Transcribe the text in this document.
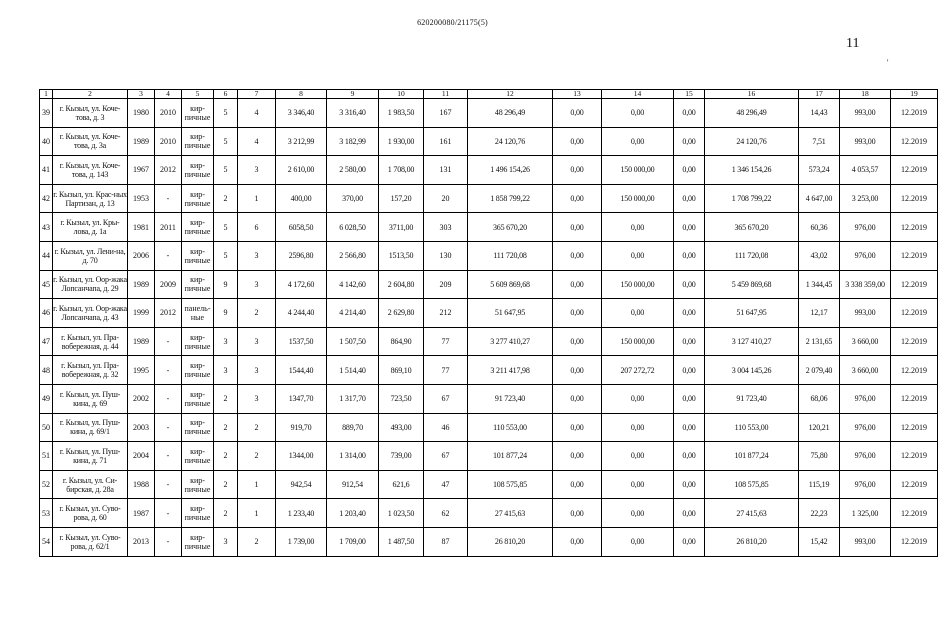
620200080/21175(5)
11
'
1	2	3	4	5	6	7	8	9	10	11	12	13	14	15	16	17	18	19
39	г. Кызыл, ул. Коче-това, д. 3	1980	2010	кир-пичные	5	4	3 346,40	3 316,40	1 983,50	167	48 296,49	0,00	0,00	0,00	48 296,49	14,43	993,00	12.2019
40	г. Кызыл, ул. Коче-това, д. 3а	1989	2010	кир-пичные	5	4	3 212,99	3 182,99	1 930,00	161	24 120,76	0,00	0,00	0,00	24 120,76	7,51	993,00	12.2019
41	г. Кызыл, ул. Коче-това, д. 143	1967	2012	кир-пичные	5	3	2 610,00	2 580,00	1 708,00	131	1 496 154,26	0,00	150 000,00	0,00	1 346 154,26	573,24	4 053,57	12.2019
42	г. Кызыл, ул. Крас-ных Партизан, д. 13	1953	-	кир-пичные	2	1	400,00	370,00	157,20	20	1 858 799,22	0,00	150 000,00	0,00	1 708 799,22	4 647,00	3 253,00	12.2019
43	г. Кызыл, ул. Кры-лова, д. 1а	1981	2011	кир-пичные	5	6	6058,50	6 028,50	3711,00	303	365 670,20	0,00	0,00	0,00	365 670,20	60,36	976,00	12.2019
44	г. Кызыл, ул. Лени-на, д. 70	2006	-	кир-пичные	5	3	2596,80	2 566,80	1513,50	130	111 720,08	0,00	0,00	0,00	111 720,08	43,02	976,00	12.2019
45	г. Кызыл, ул. Оор-жака Лопсанчапа, д. 29	1989	2009	кир-пичные	9	3	4 172,60	4 142,60	2 604,80	209	5 609 869,68	0,00	150 000,00	0,00	5 459 869,68	1 344,45	3 338 359,00	12.2019
46	г. Кызыл, ул. Оор-жака Лопсанчапа, д. 43	1999	2012	панель-ные	9	2	4 244,40	4 214,40	2 629,80	212	51 647,95	0,00	0,00	0,00	51 647,95	12,17	993,00	12.2019
47	г. Кызыл, ул. Пра-вобережная, д. 44	1989	-	кир-пичные	3	3	1537,50	1 507,50	864,90	77	3 277 410,27	0,00	150 000,00	0,00	3 127 410,27	2 131,65	3 660,00	12.2019
48	г. Кызыл, ул. Пра-вобережная, д. 32	1995	-	кир-пичные	3	3	1544,40	1 514,40	869,10	77	3 211 417,98	0,00	207 272,72	0,00	3 004 145,26	2 079,40	3 660,00	12.2019
49	г. Кызыл, ул. Пуш-кина, д. 69	2002	-	кир-пичные	2	3	1347,70	1 317,70	723,50	67	91 723,40	0,00	0,00	0,00	91 723,40	68,06	976,00	12.2019
50	г. Кызыл, ул. Пуш-кина, д. 69/1	2003	-	кир-пичные	2	2	919,70	889,70	493,00	46	110 553,00	0,00	0,00	0,00	110 553,00	120,21	976,00	12.2019
51	г. Кызыл, ул. Пуш-кина, д. 71	2004	-	кир-пичные	2	2	1344,00	1 314,00	739,00	67	101 877,24	0,00	0,00	0,00	101 877,24	75,80	976,00	12.2019
52	г. Кызыл, ул. Си-бирская, д. 28а	1988	-	кир-пичные	2	1	942,54	912,54	621,6	47	108 575,85	0,00	0,00	0,00	108 575,85	115,19	976,00	12.2019
53	г. Кызыл, ул. Суво-рова, д. 60	1987	-	кир-пичные	2	1	1 233,40	1 203,40	1 023,50	62	27 415,63	0,00	0,00	0,00	27 415,63	22,23	1 325,00	12.2019
54	г. Кызыл, ул. Суво-рова, д. 62/1	2013	-	кир-пичные	3	2	1 739,00	1 709,00	1 487,50	87	26 810,20	0,00	0,00	0,00	26 810,20	15,42	993,00	12.2019
